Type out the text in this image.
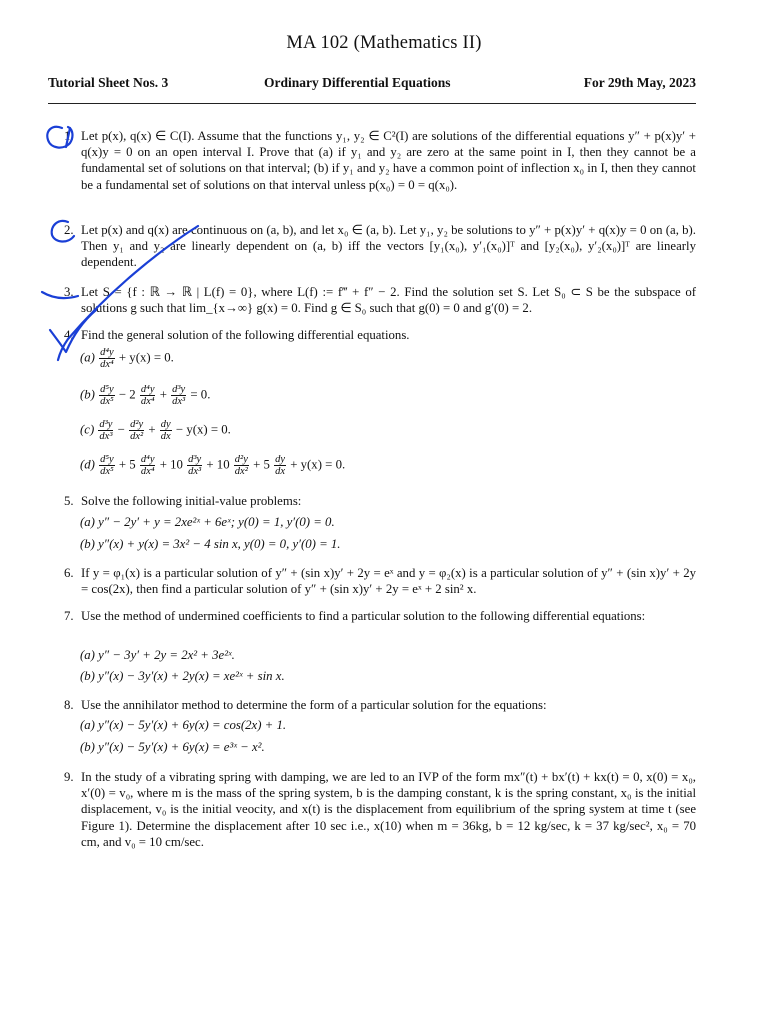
MA 102 (Mathematics II)
Tutorial Sheet Nos. 3	Ordinary Differential Equations	For 29th May, 2023
1. Let p(x), q(x) ∈ C(I). Assume that the functions y₁, y₂ ∈ C²(I) are solutions of the differential equations y″ + p(x)y′ + q(x)y = 0 on an open interval I. Prove that (a) if y₁ and y₂ are zero at the same point in I, then they cannot be a fundamental set of solutions on that interval; (b) if y₁ and y₂ have a common point of inflection x₀ in I, then they cannot be a fundamental set of solutions on that interval unless p(x₀) = 0 = q(x₀).
2. Let p(x) and q(x) are continuous on (a, b), and let x₀ ∈ (a, b). Let y₁, y₂ be solutions to y″ + p(x)y′ + q(x)y = 0 on (a, b). Then y₁ and y₂ are linearly dependent on (a, b) iff the vectors [y₁(x₀), y′₁(x₀)]ᵀ and [y₂(x₀), y′₂(x₀)]ᵀ are linearly dependent.
3. Let S = {f : ℝ → ℝ | L(f) = 0}, where L(f) := f‴ + f″ − 2. Find the solution set S. Let S₀ ⊂ S be the subspace of solutions g such that lim_{x→∞} g(x) = 0. Find g ∈ S₀ such that g(0) = 0 and g′(0) = 2.
4. Find the general solution of the following differential equations.
$(a) \frac{\text{d⁴y}}{\text{dx⁴}} + y(x) = 0$.
$(b) \frac{\text{d⁵y}}{\text{dx⁵}} - 2 \frac{\text{d⁴y}}{\text{dx⁴}} + \frac{\text{d³y}}{\text{dx³}} = 0$.
$(c) \frac{\text{d³y}}{\text{dx³}} - \frac{\text{d²y}}{\text{dx²}} + \frac{dy}{dx} - y(x) = 0$.
$(d) \frac{\text{d⁵y}}{\text{dx⁵}} + 5 \frac{\text{d⁴y}}{\text{dx⁴}} + 10 \frac{\text{d³y}}{\text{dx³}} + 10 \frac{\text{d²y}}{\text{dx²}} + 5 \frac{dy}{dx} + y(x) = 0$.
5. Solve the following initial-value problems:
(a) y″ − 2y′ + y = 2xe²ˣ + 6eˣ; y(0) = 1, y′(0) = 0.
(b) y″(x) + y(x) = 3x² − 4 sin x, y(0) = 0, y′(0) = 1.
6. If y = φ₁(x) is a particular solution of y″ + (sin x)y′ + 2y = eˣ and y = φ₂(x) is a particular solution of y″ + (sin x)y′ + 2y = cos(2x), then find a particular solution of y″ + (sin x)y′ + 2y = eˣ + 2 sin² x.
7. Use the method of undermined coefficients to find a particular solution to the following differential equations:
(a) y″ − 3y′ + 2y = 2x² + 3e²ˣ.
(b) y″(x) − 3y′(x) + 2y(x) = xe²ˣ + sin x.
8. Use the annihilator method to determine the form of a particular solution for the equations:
(a) y″(x) − 5y′(x) + 6y(x) = cos(2x) + 1.
(b) y″(x) − 5y′(x) + 6y(x) = e³ˣ − x².
9. In the study of a vibrating spring with damping, we are led to an IVP of the form mx″(t) + bx′(t) + kx(t) = 0, x(0) = x₀, x′(0) = v₀, where m is the mass of the spring system, b is the damping constant, k is the spring constant, x₀ is the initial displacement, v₀ is the initial veocity, and x(t) is the displacement from equilibrium of the spring system at time t (see Figure 1). Determine the displacement after 10 sec i.e., x(10) when m = 36kg, b = 12 kg/sec, k = 37 kg/sec², x₀ = 70 cm, and v₀ = 10 cm/sec.
